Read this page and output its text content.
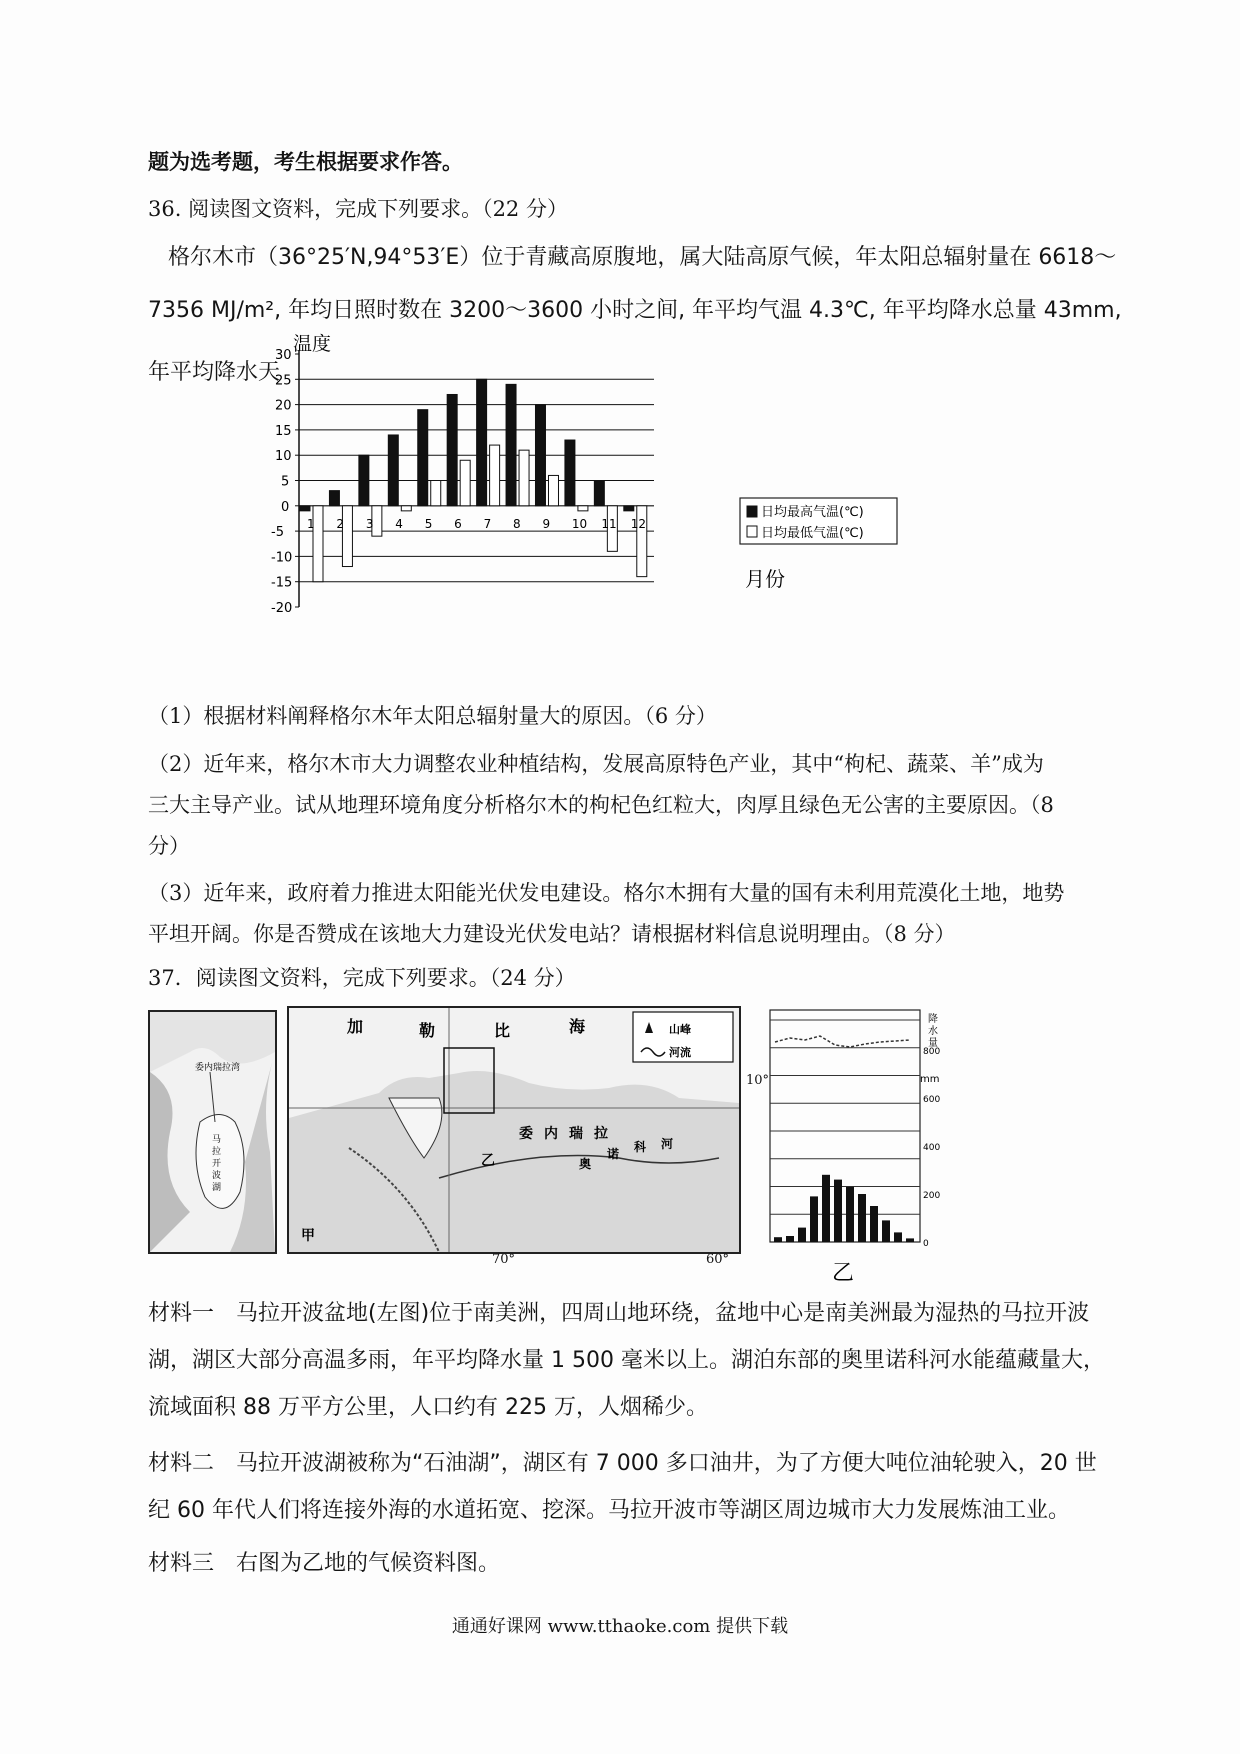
题为选考题，考生根据要求作答。
36. 阅读图文资料，完成下列要求。（22 分）
格尔木市（36°25′N,94°53′E）位于青藏高原腹地，属大陆高原气候，年太阳总辐射量在 6618～
7356 MJ/m², 年均日照时数在 3200～3600 小时之间, 年平均气温 4.3℃, 年平均降水总量 43mm,
年平均降水天	。
温度
-20
-15
-10
-5
0
5
10
15
20
25
30
1 2 3 4 5 6 7 8 9 10 11 12
月份
日均最高气温(℃)
日均最低气温(℃)
（1）根据材料阐释格尔木年太阳总辐射量大的原因。（6 分）
（2）近年来，格尔木市大力调整农业种植结构，发展高原特色产业，其中“枸杞、蔬菜、羊”成为
三大主导产业。试从地理环境角度分析格尔木的枸杞色红粒大，肉厚且绿色无公害的主要原因。（8
分）
（3）近年来，政府着力推进太阳能光伏发电建设。格尔木拥有大量的国有未利用荒漠化土地，地势
平坦开阔。你是否赞成在该地大力建设光伏发电站？请根据材料信息说明理由。（8 分）
37．阅读图文资料，完成下列要求。（24 分）
委内瑞拉湾
马
拉
开
波
湖
加	勒	比	海
委 内 瑞 拉
奥
诺 科 河
甲
乙
山峰
河流
10°
70°	60°
800
600
400
200
0
降
水
量
mm
乙
材料一　马拉开波盆地(左图)位于南美洲，四周山地环绕，盆地中心是南美洲最为湿热的马拉开波湖，湖区大部分高温多雨，年平均降水量 1 500 毫米以上。湖泊东部的奥里诺科河水能蕴藏量大，流域面积 88 万平方公里，人口约有 225 万，人烟稀少。
材料二　马拉开波湖被称为“石油湖”，湖区有 7 000 多口油井，为了方便大吨位油轮驶入，20 世纪 60 年代人们将连接外海的水道拓宽、挖深。马拉开波市等湖区周边城市大力发展炼油工业。
材料三　右图为乙地的气候资料图。
通通好课网 www.tthaoke.com 提供下载
